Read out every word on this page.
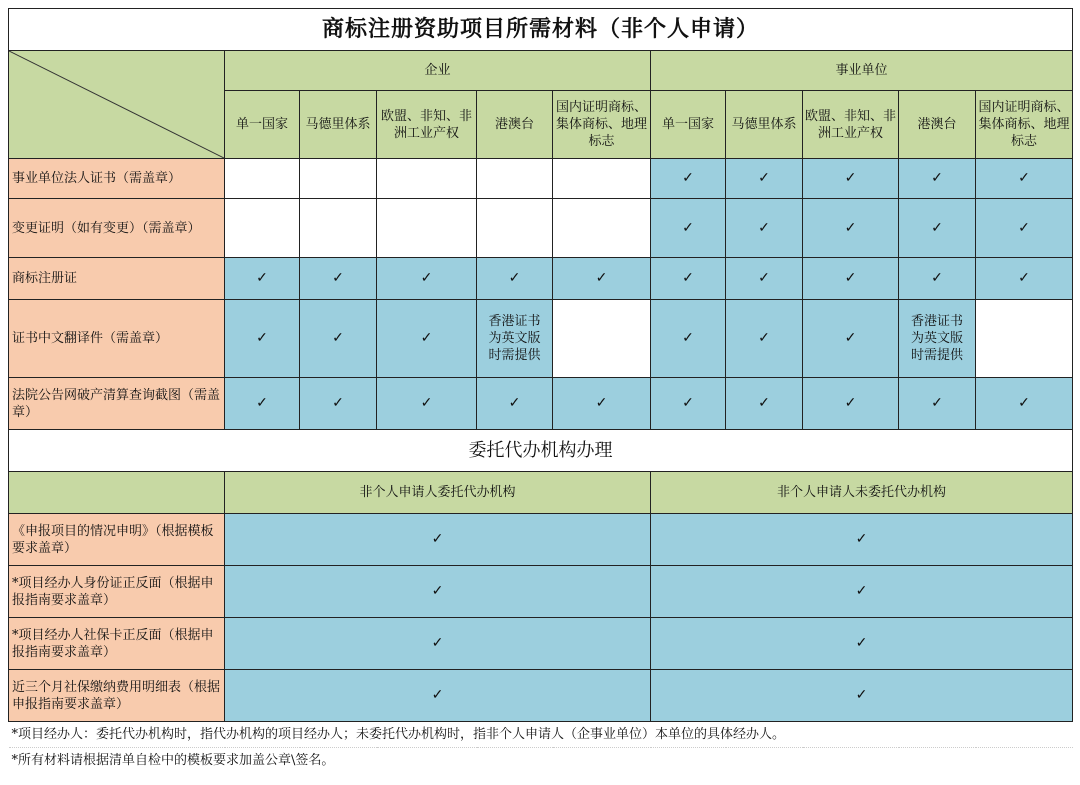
商标注册资助项目所需材料（非个人申请）										

	企业					事业单位				
	单一国家	马德里体系	欧盟、非知、非洲工业产权	港澳台	国内证明商标、集体商标、地理标志	单一国家	马德里体系	欧盟、非知、非洲工业产权	港澳台	国内证明商标、集体商标、地理标志
事业单位法人证书（需盖章）						✓	✓	✓	✓	✓
变更证明（如有变更）（需盖章）						✓	✓	✓	✓	✓
商标注册证	✓	✓	✓	✓	✓	✓	✓	✓	✓	✓
证书中文翻译件（需盖章）	✓	✓	✓	香港证书为英文版时需提供		✓	✓	✓	香港证书为英文版时需提供	
法院公告网破产清算查询截图（需盖章）	✓	✓	✓	✓	✓	✓	✓	✓	✓	✓
委托代办机构办理										
	非个人申请人委托代办机构					非个人申请人未委托代办机构				
《申报项目的情况申明》（根据模板要求盖章）	✓					✓				
*项目经办人身份证正反面（根据申报指南要求盖章）	✓					✓				
*项目经办人社保卡正反面（根据申报指南要求盖章）	✓					✓				
近三个月社保缴纳费用明细表（根据申报指南要求盖章）	✓					✓				
*项目经办人：委托代办机构时，指代办机构的项目经办人；未委托代办机构时，指非个人申请人（企事业单位）本单位的具体经办人。										
*所有材料请根据清单自检中的模板要求加盖公章\签名。										
